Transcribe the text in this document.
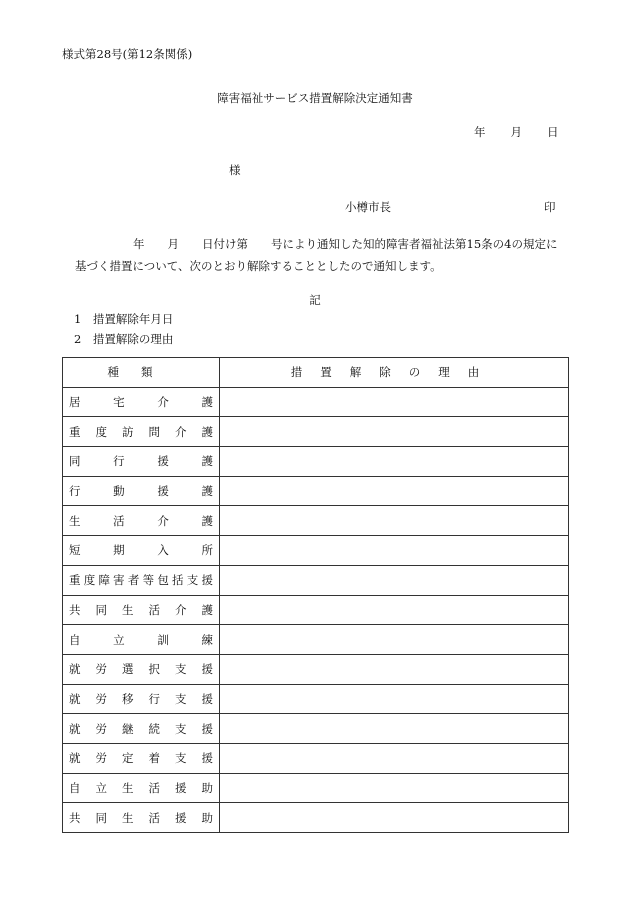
様式第28号(第12条関係)
障害福祉サービス措置解除決定通知書
年 月 日
様
小樽市長	印
年　　月　　日付け第　　号により通知した知的障害者福祉法第15条の4の規定に
基づく措置について、次のとおり解除することとしたので通知します。
記
1　措置解除年月日
2　措置解除の理由
種類	措置解除の理由
居宅介護	
重度訪問介護	
同行援護	
行動援護	
生活介護	
短期入所	
重度障害者等包括支援	
共同生活介護	
自立訓練	
就労選択支援	
就労移行支援	
就労継続支援	
就労定着支援	
自立生活援助	
共同生活援助	
